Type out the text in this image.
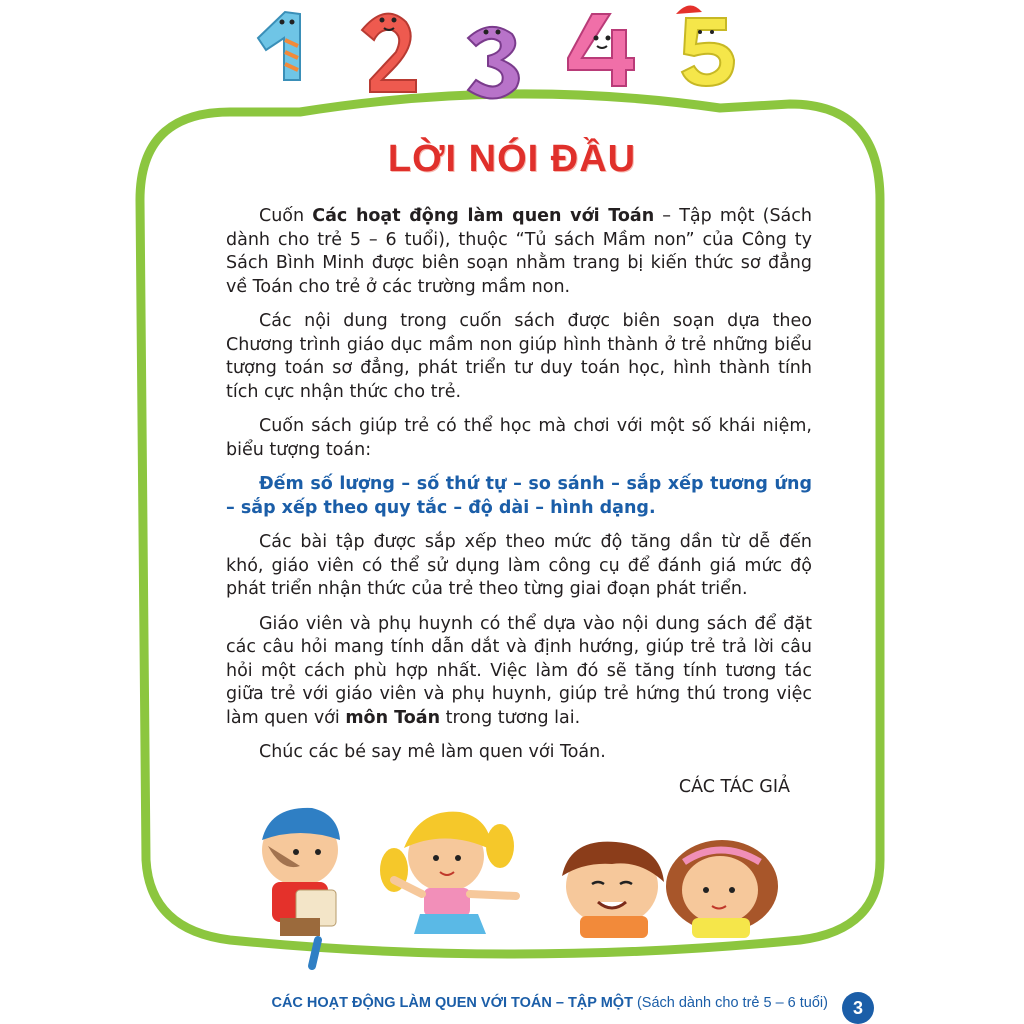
LỜI NÓI ĐẦU

Cuốn Các hoạt động làm quen với Toán – Tập một (Sách dành cho trẻ 5 – 6 tuổi), thuộc “Tủ sách Mầm non” của Công ty Sách Bình Minh được biên soạn nhằm trang bị kiến thức sơ đẳng về Toán cho trẻ ở các trường mầm non.

Các nội dung trong cuốn sách được biên soạn dựa theo Chương trình giáo dục mầm non giúp hình thành ở trẻ những biểu tượng toán sơ đẳng, phát triển tư duy toán học, hình thành tính tích cực nhận thức cho trẻ.

Cuốn sách giúp trẻ có thể học mà chơi với một số khái niệm, biểu tượng toán:

Đếm số lượng – số thứ tự – so sánh – sắp xếp tương ứng – sắp xếp theo quy tắc – độ dài – hình dạng.

Các bài tập được sắp xếp theo mức độ tăng dần từ dễ đến khó, giáo viên có thể sử dụng làm công cụ để đánh giá mức độ phát triển nhận thức của trẻ theo từng giai đoạn phát triển.

Giáo viên và phụ huynh có thể dựa vào nội dung sách để đặt các câu hỏi mang tính dẫn dắt và định hướng, giúp trẻ trả lời câu hỏi một cách phù hợp nhất. Việc làm đó sẽ tăng tính tương tác giữa trẻ với giáo viên và phụ huynh, giúp trẻ hứng thú trong việc làm quen với môn Toán trong tương lai.

Chúc các bé say mê làm quen với Toán.

CÁC TÁC GIẢ

CÁC HOẠT ĐỘNG LÀM QUEN VỚI TOÁN – TẬP MỘT (Sách dành cho trẻ 5 – 6 tuổi)	3
